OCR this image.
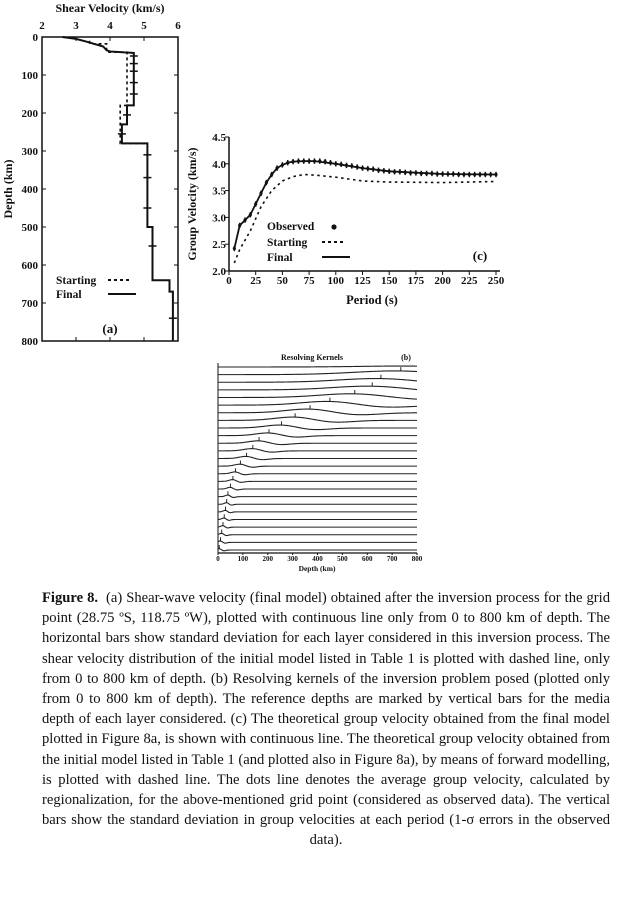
Shear Velocity (km/s)
Depth (km)
(a)
Starting
Final
2	3	4	5	6
0
100
200
300
400
500
600
700
800
Group Velocity (km/s)
Period (s)
(c)
Observed
Starting
Final
2.0
2.5
3.0
3.5
4.0
4.5
0 25 50 75 100 125 150 175 200 225 250
Resolving Kernels	(b)
Depth (km)
0	100 200 300 400 500 600 700 800
Figure 8. (a) Shear-wave velocity (final model) obtained after the inversion process for the grid point (28.75 ºS, 118.75 ºW), plotted with continuous line only from 0 to 800 km of depth. The horizontal bars show standard deviation for each layer considered in this inversion process. The shear velocity distribution of the initial model listed in Table 1 is plotted with dashed line, only from 0 to 800 km of depth. (b) Resolving kernels of the inversion problem posed (plotted only from 0 to 800 km of depth). The reference depths are marked by vertical bars for the media depth of each layer considered. (c) The theoretical group velocity obtained from the final model plotted in Figure 8a, is shown with continuous line. The theoretical group velocity obtained from the initial model listed in Table 1 (and plotted also in Figure 8a), by means of forward modelling, is plotted with dashed line. The dots line denotes the average group velocity, calculated by regionalization, for the above-mentioned grid point (considered as observed data). The vertical bars show the standard deviation in group velocities at each period (1-σ errors in the observed data).
